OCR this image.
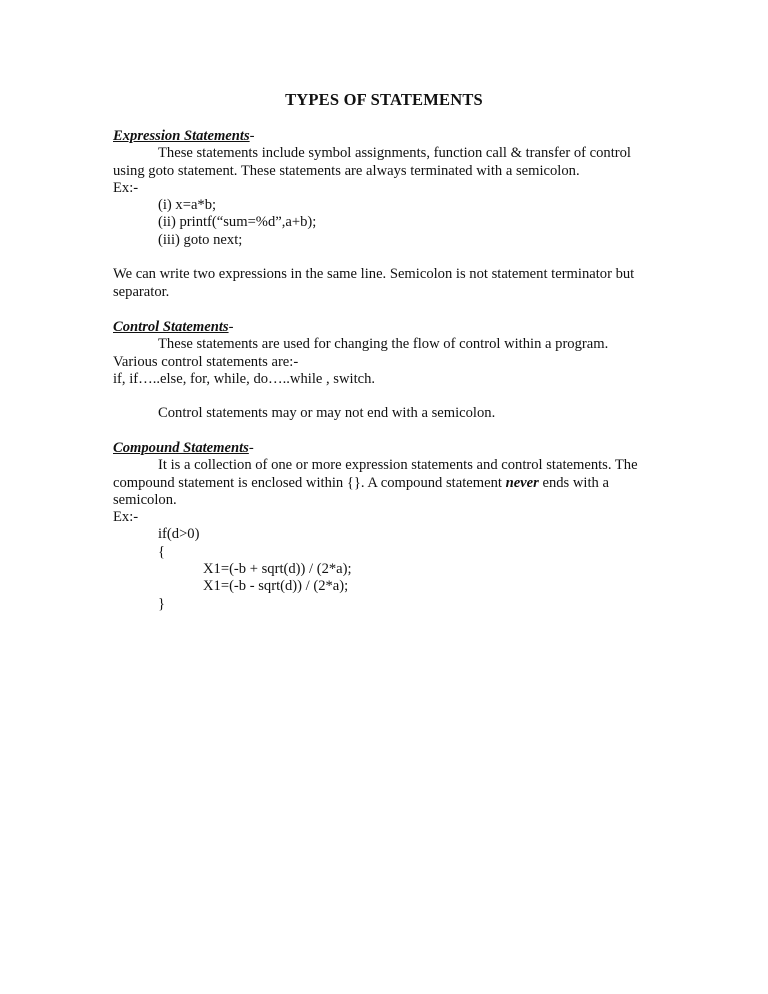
TYPES OF STATEMENTS
Expression Statements-
These statements include symbol assignments, function call & transfer of control
using goto statement. These statements are always terminated with a semicolon.
Ex:-
(i) x=a*b;
(ii) printf(“sum=%d”,a+b);
(iii) goto next;
We can write two expressions in the same line. Semicolon is not statement terminator but
separator.
Control Statements-
These statements are used for changing the flow of control within a program.
Various control statements are:-
if, if…..else, for, while, do…..while , switch.
Control statements may or may not end with a semicolon.
Compound Statements-
It is a collection of one or more expression statements and control statements. The
compound statement is enclosed within {}. A compound statement never ends with a
semicolon.
Ex:-
if(d>0)
{
X1=(-b + sqrt(d)) / (2*a);
X1=(-b - sqrt(d)) / (2*a);
}
